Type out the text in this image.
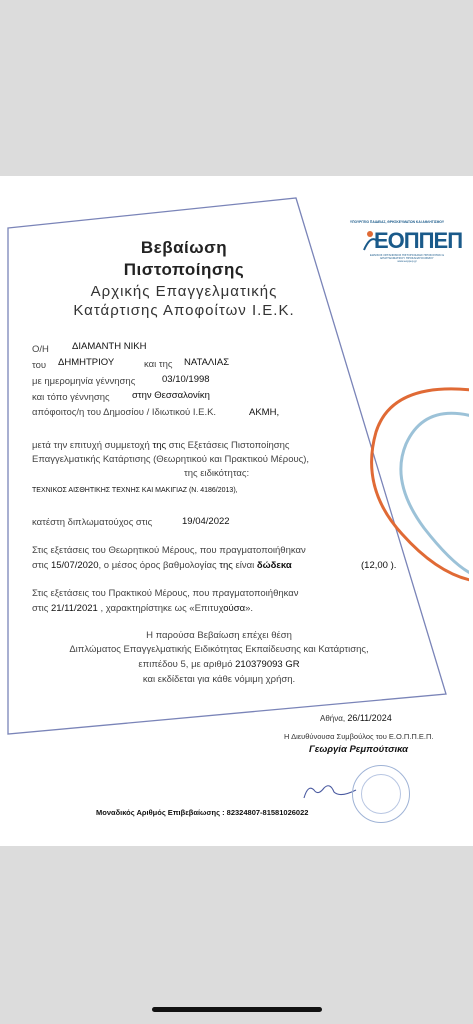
ΥΠΟΥΡΓΕΙΟ ΠΑΙΔΕΙΑΣ, ΘΡΗΣΚΕΥΜΑΤΩΝ ΚΑΙ ΑΘΛΗΤΙΣΜΟΥ
ΕΟΠΠΕΠ
ΕΘΝΙΚΟΣ ΟΡΓΑΝΙΣΜΟΣ ΠΙΣΤΟΠΟΙΗΣΗΣ ΠΡΟΣΟΝΤΩΝ & ΕΠΑΓΓΕΛΜΑΤΙΚΟΥ ΠΡΟΣΑΝΑΤΟΛΙΣΜΟΥ
www.eoppep.gr
Βεβαίωση
Πιστοποίησης
Αρχικής Επαγγελματικής
Κατάρτισης Αποφοίτων Ι.Ε.Κ.
Ο/Η ΔΙΑΜΑΝΤΗ ΝΙΚΗ
του ΔΗΜΗΤΡΙΟΥ	και της ΝΑΤΑΛΙΑΣ
με ημερομηνία γέννησης	03/10/1998
και τόπο γέννησης στην Θεσσαλονίκη
απόφοιτος/η του Δημοσίου / Ιδιωτικού Ι.Ε.Κ.	ΑΚΜΗ,
μετά την επιτυχή συμμετοχή της στις Εξετάσεις Πιστοποίησης
Επαγγελματικής Κατάρτισης (Θεωρητικού και Πρακτικού Μέρους),
της ειδικότητας:
ΤΕΧΝΙΚΟΣ ΑΙΣΘΗΤΙΚΗΣ ΤΕΧΝΗΣ ΚΑΙ ΜΑΚΙΓΙΑΖ (Ν. 4186/2013),
κατέστη διπλωματούχος στις	19/04/2022
Στις εξετάσεις του Θεωρητικού Μέρους, που πραγματοποιήθηκαν
στις 15/07/2020, ο μέσος όρος βαθμολογίας της είναι δώδεκα	(12,00 ).
Στις εξετάσεις του Πρακτικού Μέρους, που πραγματοποιήθηκαν
στις 21/11/2021 , χαρακτηρίστηκε ως «Επιτυχούσα».
Η παρούσα Βεβαίωση επέχει θέση
Διπλώματος Επαγγελματικής Ειδικότητας Εκπαίδευσης και Κατάρτισης,
επιπέδου 5, με αριθμό 210379093 GR
και εκδίδεται για κάθε νόμιμη χρήση.
Αθήνα, 26/11/2024
Η Διευθύνουσα Συμβούλος του Ε.Ο.Π.Π.Ε.Π.
Γεωργία Ρεμπούτσικα
Μοναδικός Αριθμός Επιβεβαίωσης : 82324807-81581026022
